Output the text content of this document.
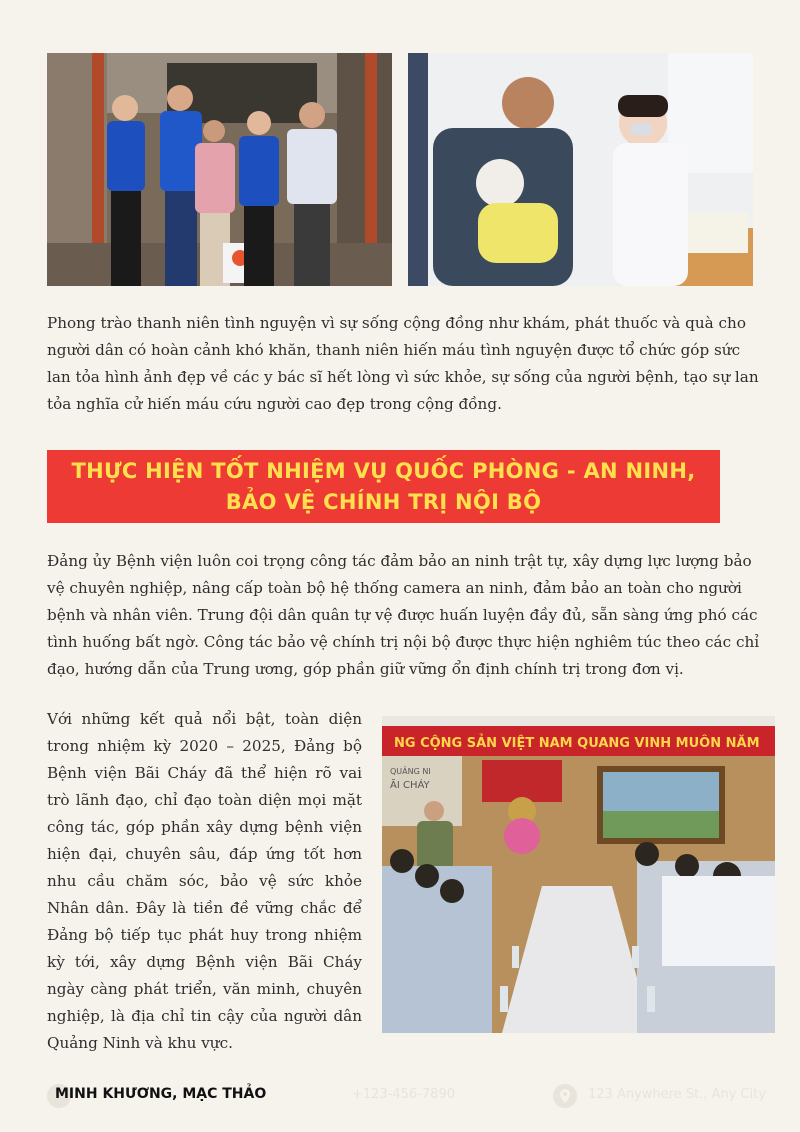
Phong trào thanh niên tình nguyện vì sự sống cộng đồng như khám, phát thuốc và quà cho người dân có hoàn cảnh khó khăn, thanh niên hiến máu tình nguyện được tổ chức góp sức lan tỏa hình ảnh đẹp về các y bác sĩ hết lòng vì sức khỏe, sự sống của người bệnh, tạo sự lan tỏa nghĩa cử hiến máu cứu người cao đẹp trong cộng đồng.

THỰC HIỆN TỐT NHIỆM VỤ QUỐC PHÒNG - AN NINH,
BẢO VỆ CHÍNH TRỊ NỘI BỘ

Đảng ủy Bệnh viện luôn coi trọng công tác đảm bảo an ninh trật tự, xây dựng lực lượng bảo vệ chuyên nghiệp, nâng cấp toàn bộ hệ thống camera an ninh, đảm bảo an toàn cho người bệnh và nhân viên. Trung đội dân quân tự vệ được huấn luyện đầy đủ, sẵn sàng ứng phó các tình huống bất ngờ. Công tác bảo vệ chính trị nội bộ được thực hiện nghiêm túc theo các chỉ đạo, hướng dẫn của Trung ương, góp phần giữ vững ổn định chính trị trong đơn vị.

Với những kết quả nổi bật, toàn diện trong nhiệm kỳ 2020 – 2025, Đảng bộ Bệnh viện Bãi Cháy đã thể hiện rõ vai trò lãnh đạo, chỉ đạo toàn diện mọi mặt công tác, góp phần xây dựng bệnh viện hiện đại, chuyên sâu, đáp ứng tốt hơn nhu cầu chăm sóc, bảo vệ sức khỏe Nhân dân. Đây là tiền đề vững chắc để Đảng bộ tiếp tục phát huy trong nhiệm kỳ tới, xây dựng Bệnh viện Bãi Cháy ngày càng phát triển, văn minh, chuyên nghiệp, là địa chỉ tin cậy của người dân Quảng Ninh và khu vực.

NG CỘNG SẢN VIỆT NAM QUANG VINH MUÔN NĂM
QUẢNG NI
ÃI CHÁY
MINH KHƯƠNG, MẠC THẢO	+123-456-7890	123 Anywhere St., Any City
